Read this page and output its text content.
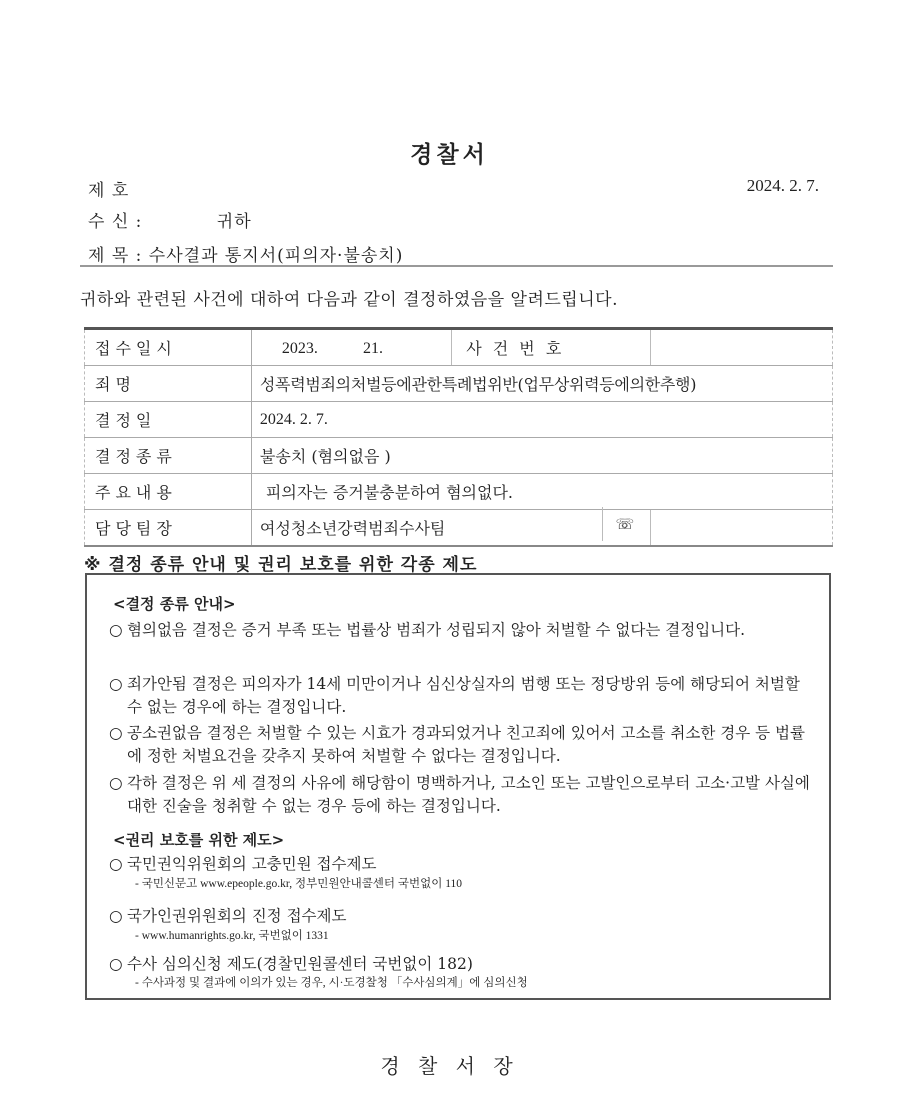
경찰서
제 호	2024. 2. 7.
수 신 :	귀하
제 목 : 수사결과 통지서(피의자·불송치)
귀하와 관련된 사건에 대하여 다음과 같이 결정하였음을 알려드립니다.
접수일시	2023. 21.	사 건 번 호	
죄명	성폭력범죄의처벌등에관한특례법위반(업무상위력등에의한추행)		
결정일	2024. 2. 7.		
결정종류	불송치 (혐의없음 )		
주요내용	피의자는 증거불충분하여 혐의없다.		
담당팀장	여성청소년강력범죄수사팀 ☏		

※ 결정 종류 안내 및 권리 보호를 위한 각종 제도
<결정 종류 안내>
○ 혐의없음 결정은 증거 부족 또는 법률상 범죄가 성립되지 않아 처벌할 수 없다는 결정입니다.
○ 죄가안됨 결정은 피의자가 14세 미만이거나 심신상실자의 범행 또는 정당방위 등에 해당되어 처벌할 수 없는 경우에 하는 결정입니다.
○ 공소권없음 결정은 처벌할 수 있는 시효가 경과되었거나 친고죄에 있어서 고소를 취소한 경우 등 법률에 정한 처벌요건을 갖추지 못하여 처벌할 수 없다는 결정입니다.
○ 각하 결정은 위 세 결정의 사유에 해당함이 명백하거나, 고소인 또는 고발인으로부터 고소·고발 사실에 대한 진술을 청취할 수 없는 경우 등에 하는 결정입니다.
<권리 보호를 위한 제도>
○ 국민권익위원회의 고충민원 접수제도
- 국민신문고 www.epeople.go.kr, 정부민원안내콜센터 국번없이 110
○ 국가인권위원회의 진정 접수제도
- www.humanrights.go.kr, 국번없이 1331
○ 수사 심의신청 제도(경찰민원콜센터 국번없이 182)
- 수사과정 및 결과에 이의가 있는 경우, 시·도경찰청 「수사심의계」에 심의신청
경 찰 서 장
